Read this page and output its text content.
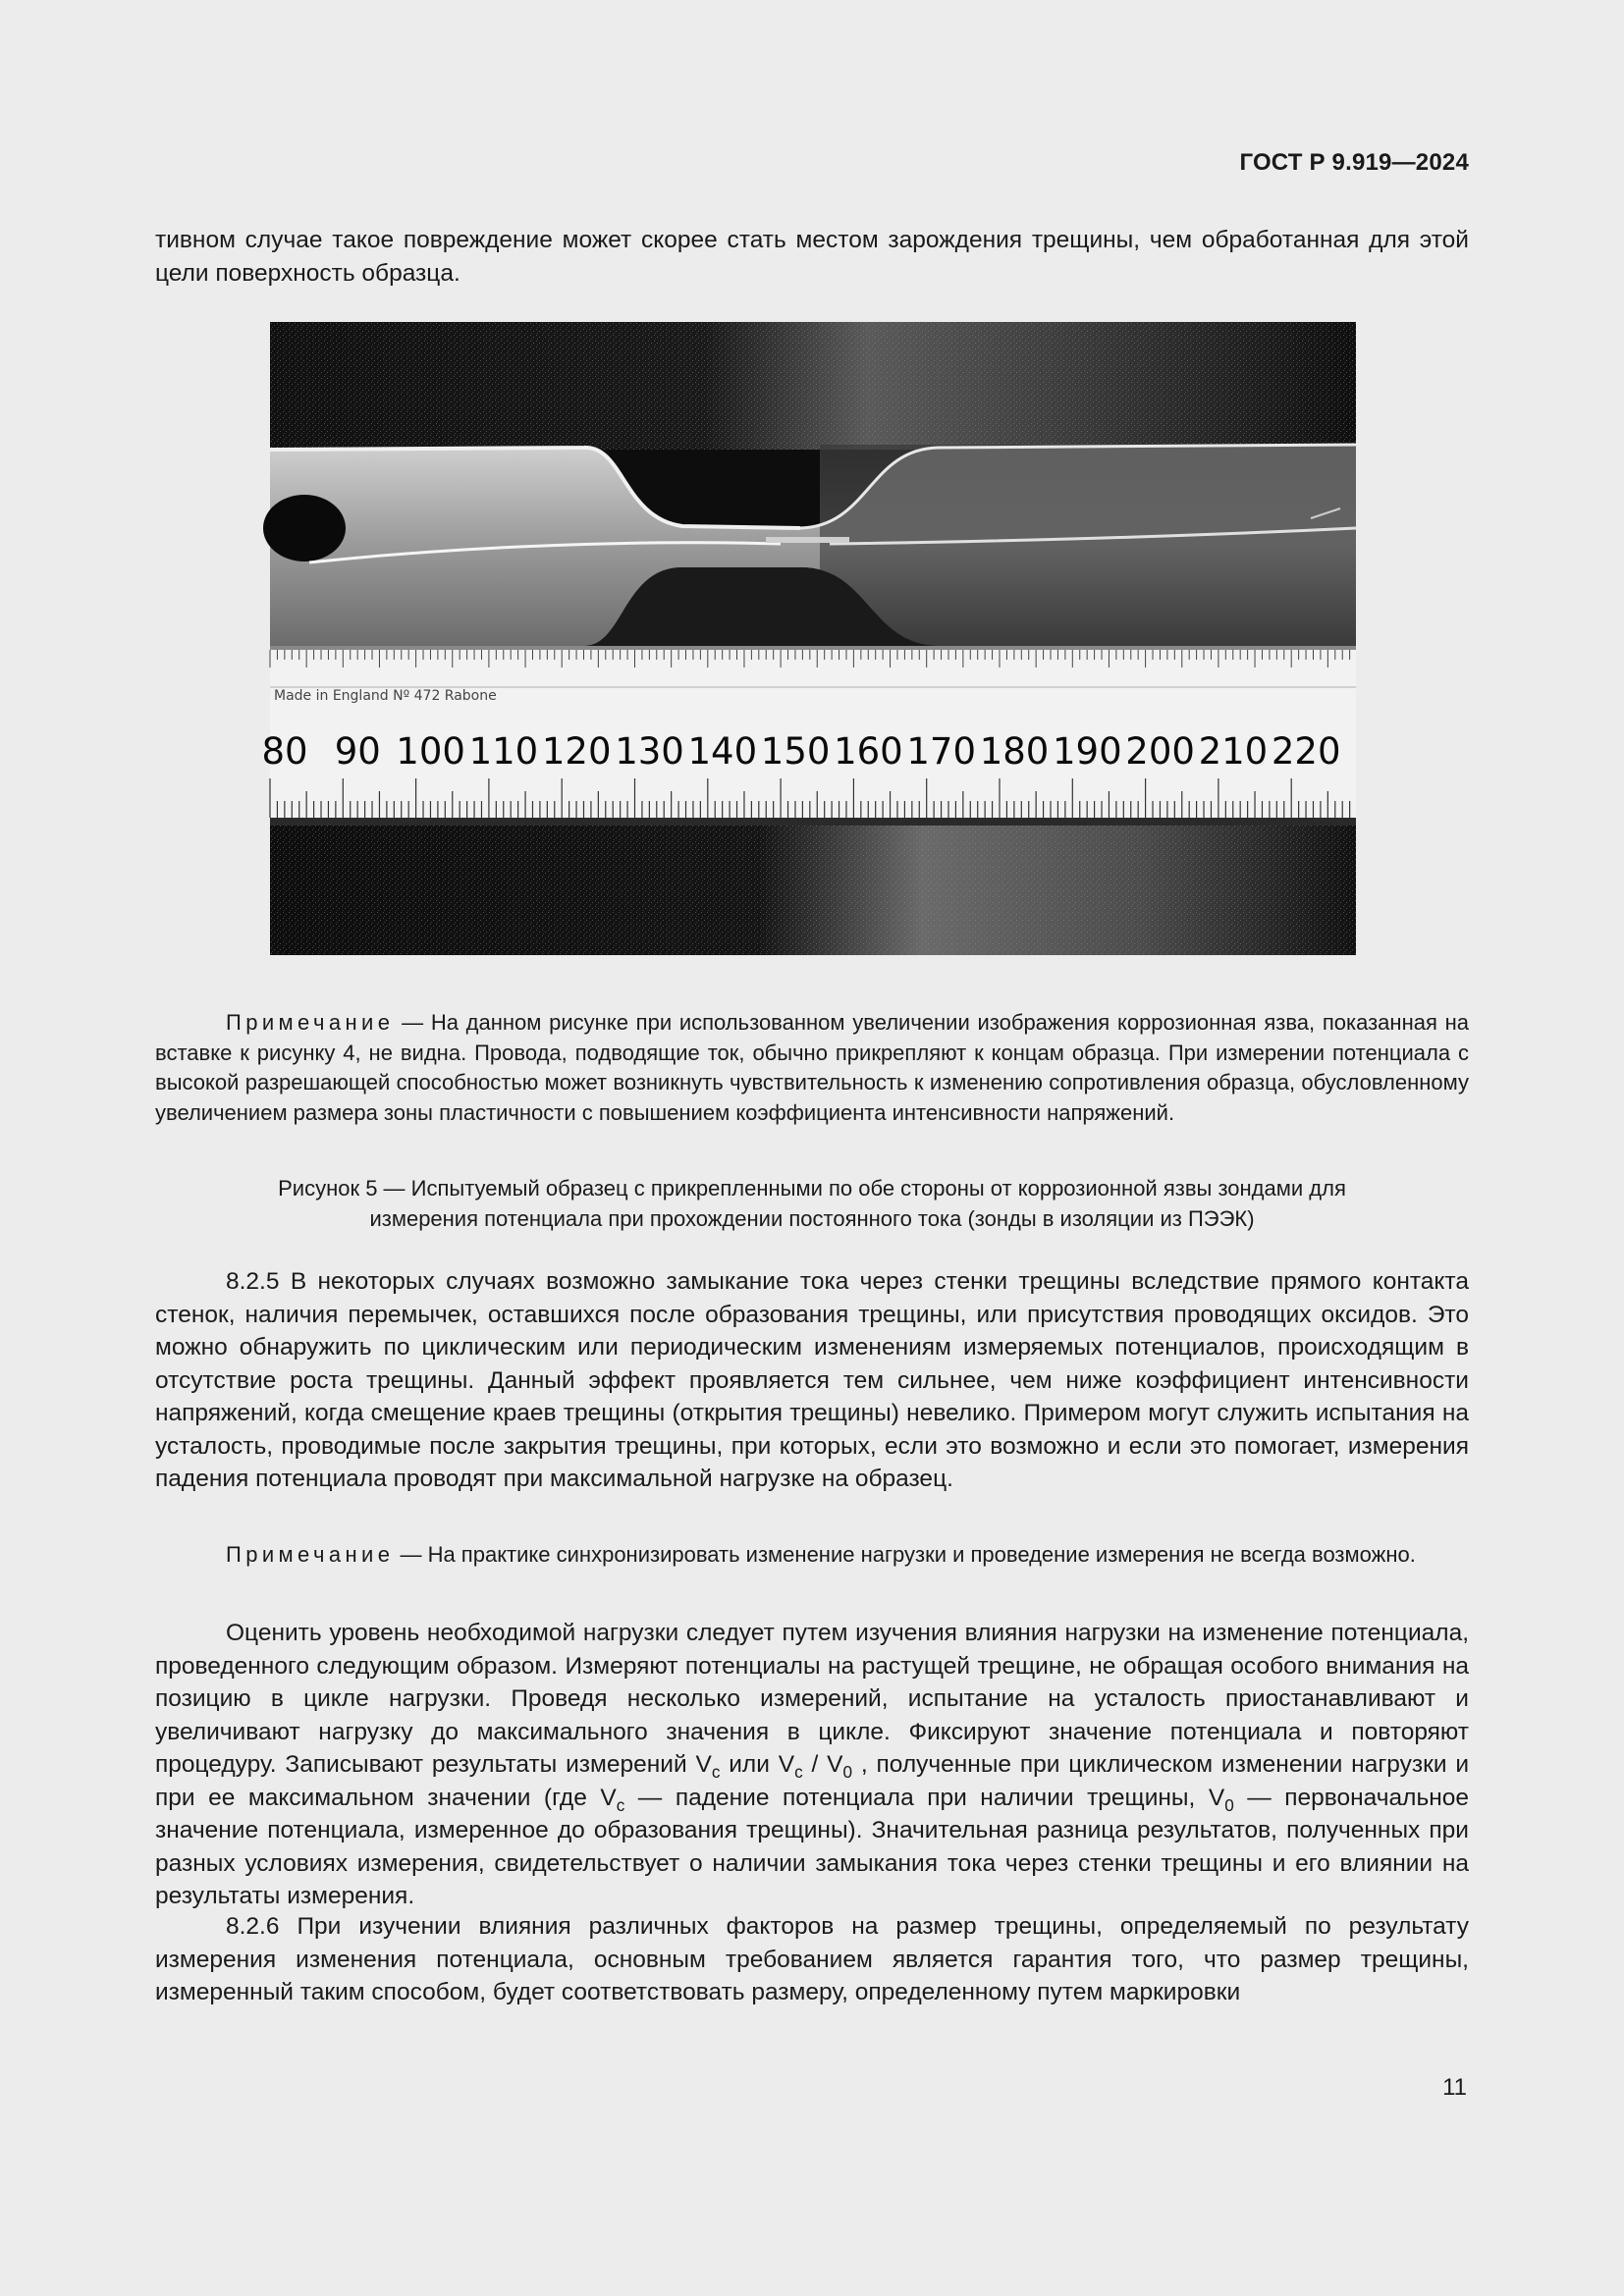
ГОСТ Р 9.919—2024
тивном случае такое повреждение может скорее стать местом зарождения трещины, чем обработанная для этой цели поверхность образца.
Made in England Nº 472 Rabone
80 90 100 110 120 130 140 150 160 170 180 190 200 210 220
Примечание — На данном рисунке при использованном увеличении изображения коррозионная язва, показанная на вставке к рисунку 4, не видна. Провода, подводящие ток, обычно прикрепляют к концам образца. При измерении потенциала с высокой разрешающей способностью может возникнуть чувствительность к изменению сопротивления образца, обусловленному увеличением размера зоны пластичности с повышением коэффициента интенсивности напряжений.
Рисунок 5 — Испытуемый образец с прикрепленными по обе стороны от коррозионной язвы зондами для
измерения потенциала при прохождении постоянного тока (зонды в изоляции из ПЭЭК)
8.2.5 В некоторых случаях возможно замыкание тока через стенки трещины вследствие прямого контакта стенок, наличия перемычек, оставшихся после образования трещины, или присутствия проводящих оксидов. Это можно обнаружить по циклическим или периодическим изменениям измеряемых потенциалов, происходящим в отсутствие роста трещины. Данный эффект проявляется тем сильнее, чем ниже коэффициент интенсивности напряжений, когда смещение краев трещины (открытия трещины) невелико. Примером могут служить испытания на усталость, проводимые после закрытия трещины, при которых, если это возможно и если это помогает, измерения падения потенциала проводят при максимальной нагрузке на образец.
Примечание — На практике синхронизировать изменение нагрузки и проведение измерения не всегда возможно.
Оценить уровень необходимой нагрузки следует путем изучения влияния нагрузки на изменение потенциала, проведенного следующим образом. Измеряют потенциалы на растущей трещине, не обращая особого внимания на позицию в цикле нагрузки. Проведя несколько измерений, испытание на усталость приостанавливают и увеличивают нагрузку до максимального значения в цикле. Фиксируют значение потенциала и повторяют процедуру. Записывают результаты измерений $V_c$ или $V_c / V_0$ , полученные при циклическом изменении нагрузки и при ее максимальном значении (где $V_c$ — падение потенциала при наличии трещины, $V_0$ — первоначальное значение потенциала, измеренное до образования трещины). Значительная разница результатов, полученных при разных условиях измерения, свидетельствует о наличии замыкания тока через стенки трещины и его влиянии на результаты измерения.
8.2.6 При изучении влияния различных факторов на размер трещины, определяемый по результату измерения изменения потенциала, основным требованием является гарантия того, что размер трещины, измеренный таким способом, будет соответствовать размеру, определенному путем маркировки
11
